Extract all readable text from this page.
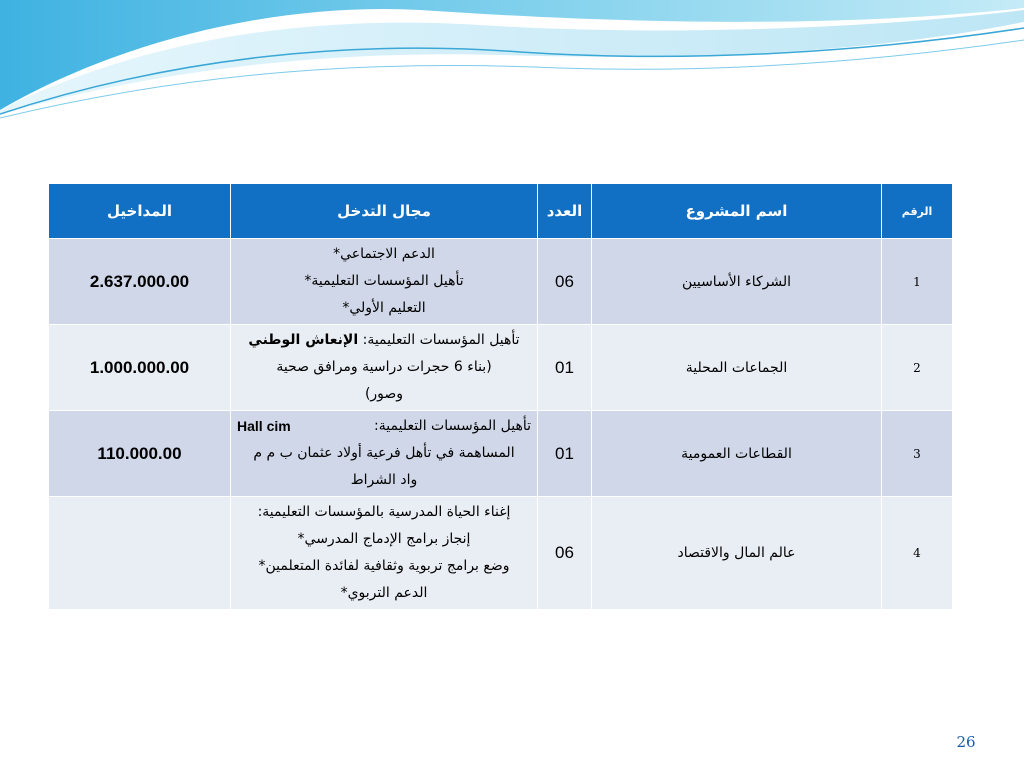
الرقم	اسم المشروع	العدد	مجال التدخل	المداخيل
1	الشركاء الأساسيين	06	الدعم الاجتماعي*
تأهيل المؤسسات التعليمية*
التعليم الأولي*	2.637.000.00
2	الجماعات المحلية	01	تأهيل المؤسسات التعليمية: الإنعاش الوطني
(بناء 6 حجرات دراسية ومرافق صحية
وصور)	1.000.000.00
3	القطاعات العمومية	01	تأهيل المؤسسات التعليمية:
Hall cim
المساهمة في تأهل فرعية أولاد عثمان ب م م
واد الشراط	110.000.00
4	عالم المال والاقتصاد	06	إغناء الحياة المدرسية بالمؤسسات التعليمية:
إنجاز برامج الإدماج المدرسي*
وضع برامج تربوية وثقافية لفائدة المتعلمين*
الدعم التربوي*	

26
